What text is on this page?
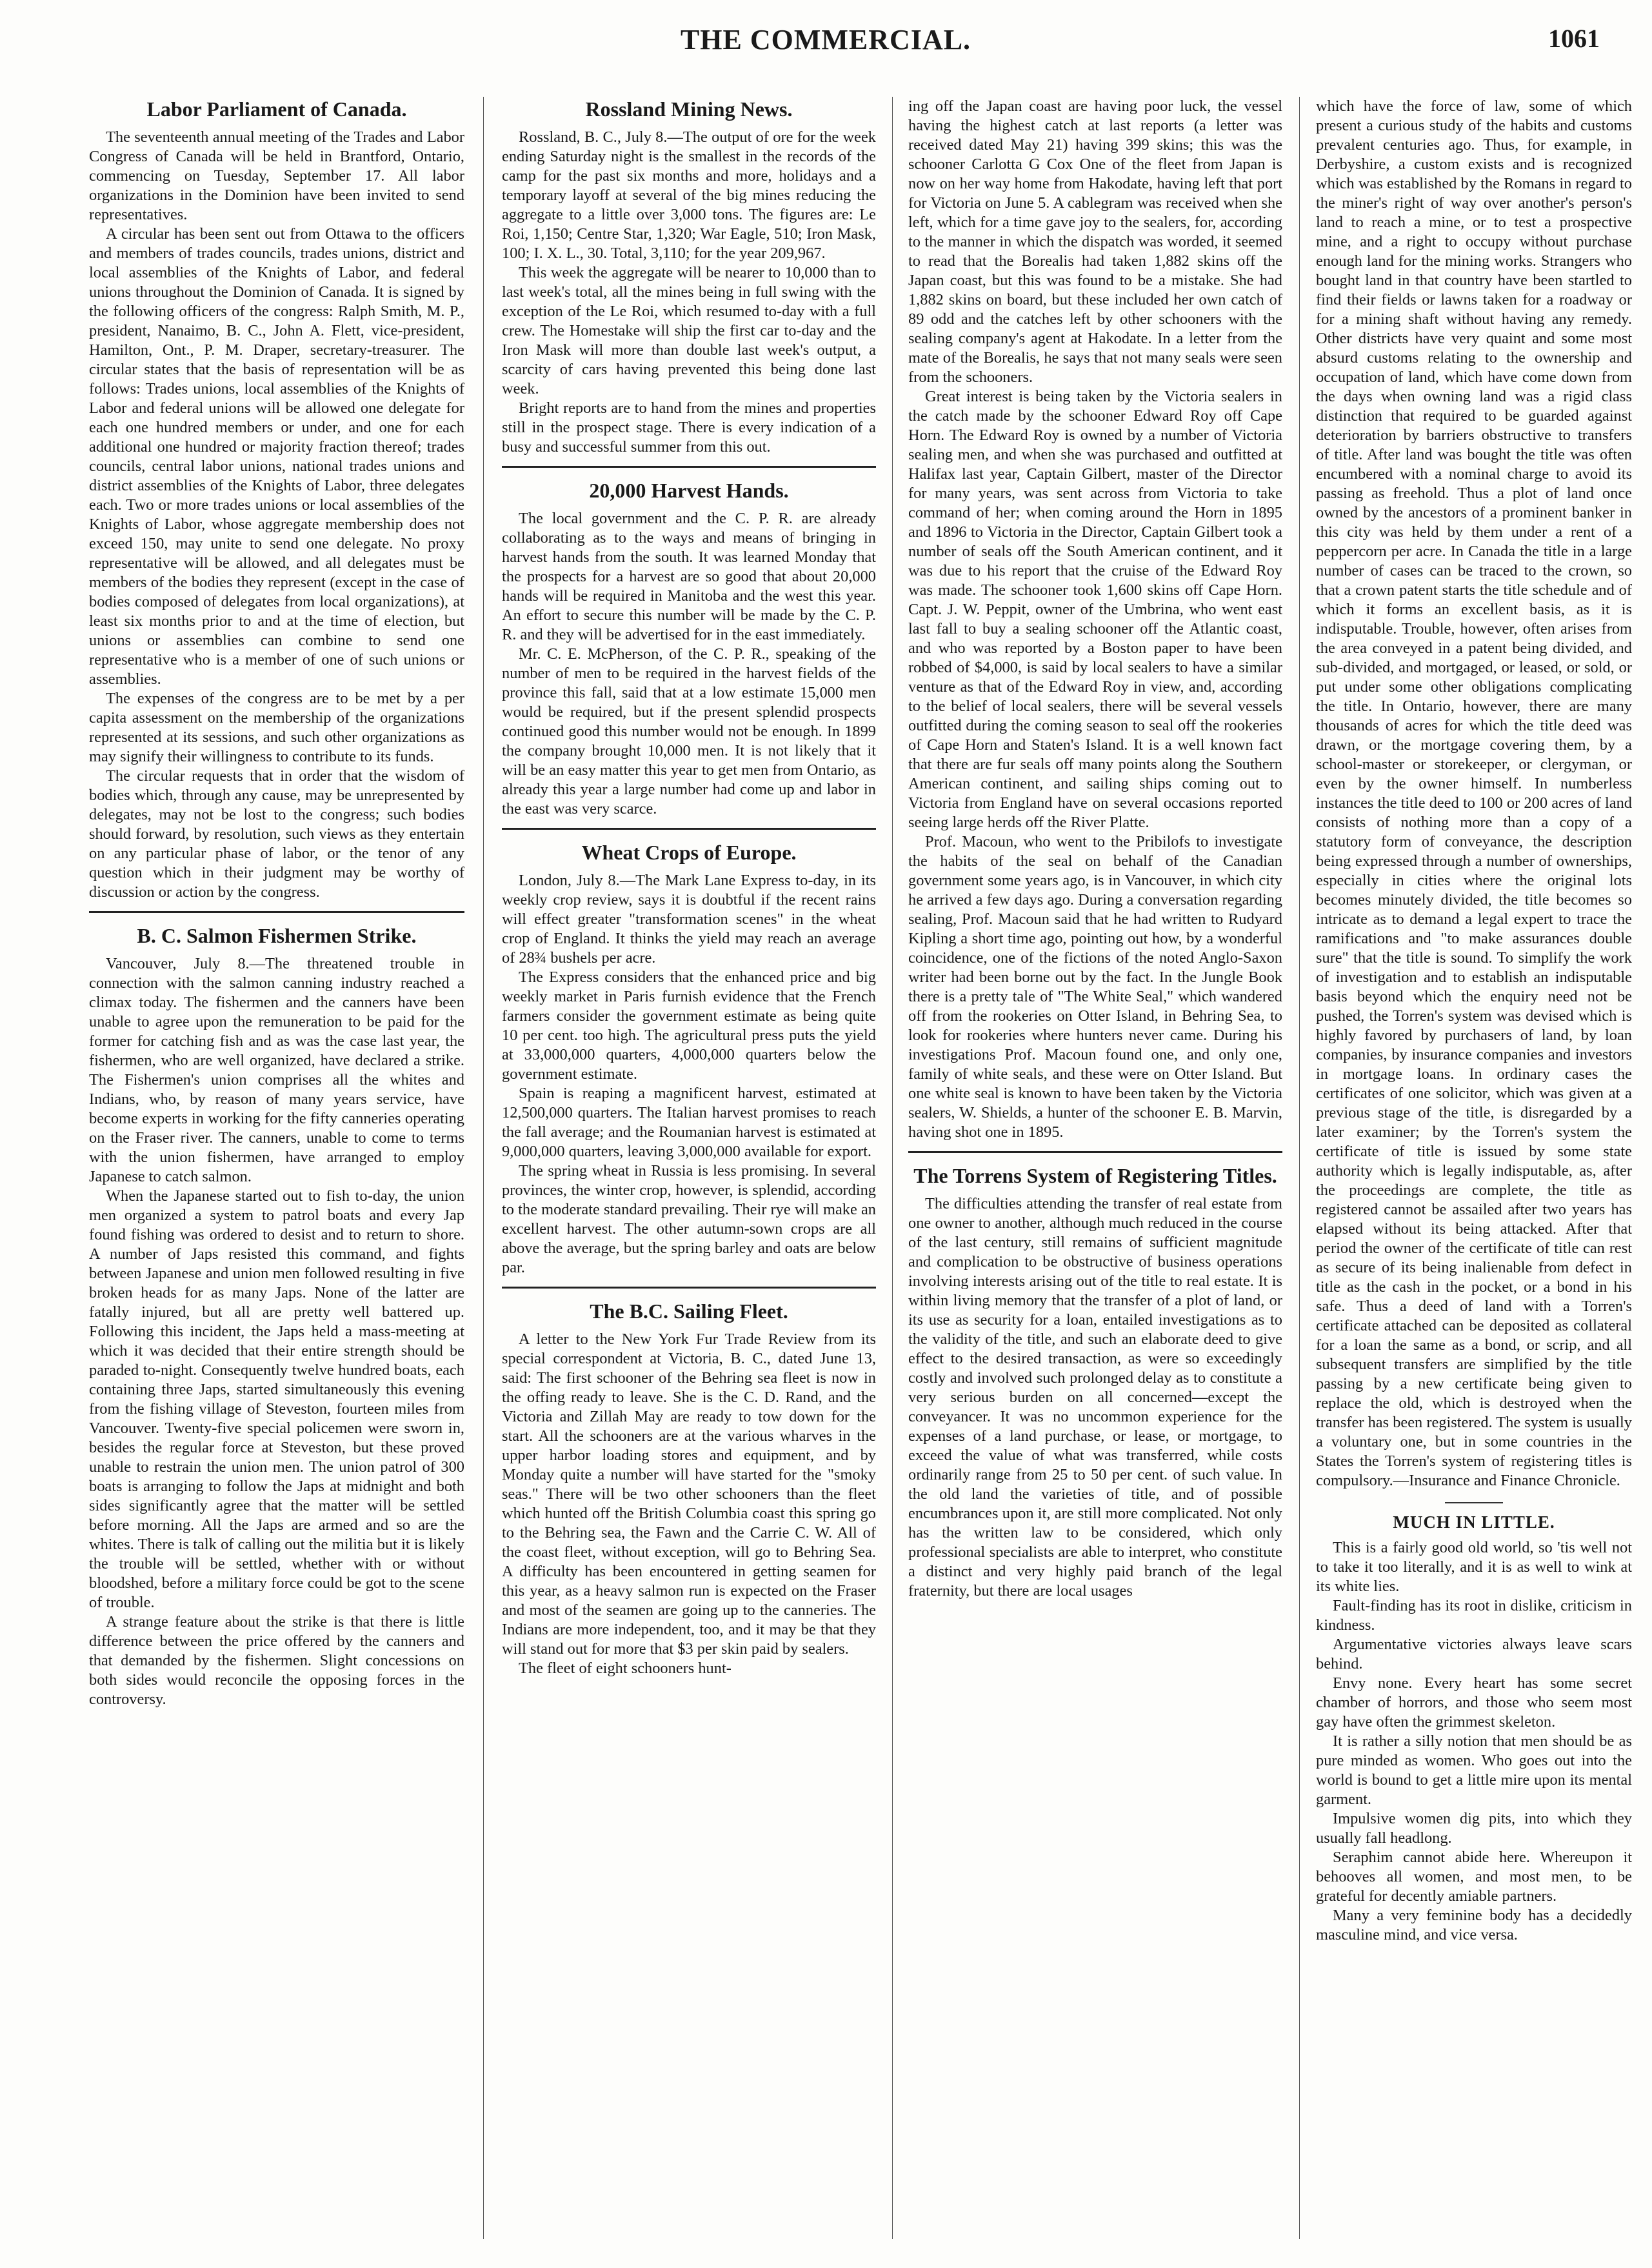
THE COMMERCIAL.	1061
Labor Parliament of Canada.

The seventeenth annual meeting of the Trades and Labor Congress of Canada will be held in Brantford, Ontario, commencing on Tuesday, September 17. All labor organizations in the Dominion have been invited to send representatives.

A circular has been sent out from Ottawa to the officers and members of trades councils, trades unions, district and local assemblies of the Knights of Labor, and federal unions throughout the Dominion of Canada. It is signed by the following officers of the congress: Ralph Smith, M. P., president, Nanaimo, B. C., John A. Flett, vice-president, Hamilton, Ont., P. M. Draper, secretary-treasurer. The circular states that the basis of representation will be as follows: Trades unions, local assemblies of the Knights of Labor and federal unions will be allowed one delegate for each one hundred members or under, and one for each additional one hundred or majority fraction thereof; trades councils, central labor unions, national trades unions and district assemblies of the Knights of Labor, three delegates each. Two or more trades unions or local assemblies of the Knights of Labor, whose aggregate membership does not exceed 150, may unite to send one delegate. No proxy representative will be allowed, and all delegates must be members of the bodies they represent (except in the case of bodies composed of delegates from local organizations), at least six months prior to and at the time of election, but unions or assemblies can combine to send one representative who is a member of one of such unions or assemblies.

The expenses of the congress are to be met by a per capita assessment on the membership of the organizations represented at its sessions, and such other organizations as may signify their willingness to contribute to its funds.

The circular requests that in order that the wisdom of bodies which, through any cause, may be unrepresented by delegates, may not be lost to the congress; such bodies should forward, by resolution, such views as they entertain on any particular phase of labor, or the tenor of any question which in their judgment may be worthy of discussion or action by the congress.

B. C. Salmon Fishermen Strike.

Vancouver, July 8.—The threatened trouble in connection with the salmon canning industry reached a climax today. The fishermen and the canners have been unable to agree upon the remuneration to be paid for the former for catching fish and as was the case last year, the fishermen, who are well organized, have declared a strike. The Fishermen's union comprises all the whites and Indians, who, by reason of many years service, have become experts in working for the fifty canneries operating on the Fraser river. The canners, unable to come to terms with the union fishermen, have arranged to employ Japanese to catch salmon.

When the Japanese started out to fish to-day, the union men organized a system to patrol boats and every Jap found fishing was ordered to desist and to return to shore. A number of Japs resisted this command, and fights between Japanese and union men followed resulting in five broken heads for as many Japs. None of the latter are fatally injured, but all are pretty well battered up. Following this incident, the Japs held a mass-meeting at which it was decided that their entire strength should be paraded to-night. Consequently twelve hundred boats, each containing three Japs, started simultaneously this evening from the fishing village of Steveston, fourteen miles from Vancouver. Twenty-five special policemen were sworn in, besides the regular force at Steveston, but these proved unable to restrain the union men. The union patrol of 300 boats is arranging to follow the Japs at midnight and both sides significantly agree that the matter will be settled before morning. All the Japs are armed and so are the whites. There is talk of calling out the militia but it is likely the trouble will be settled, whether with or without bloodshed, before a military force could be got to the scene of trouble.

A strange feature about the strike is that there is little difference between the price offered by the canners and that demanded by the fishermen. Slight concessions on both sides would reconcile the opposing forces in the controversy.

Rossland Mining News.

Rossland, B. C., July 8.—The output of ore for the week ending Saturday night is the smallest in the records of the camp for the past six months and more, holidays and a temporary layoff at several of the big mines reducing the aggregate to a little over 3,000 tons. The figures are: Le Roi, 1,150; Centre Star, 1,320; War Eagle, 510; Iron Mask, 100; I. X. L., 30. Total, 3,110; for the year 209,967.

This week the aggregate will be nearer to 10,000 than to last week's total, all the mines being in full swing with the exception of the Le Roi, which resumed to-day with a full crew. The Homestake will ship the first car to-day and the Iron Mask will more than double last week's output, a scarcity of cars having prevented this being done last week.

Bright reports are to hand from the mines and properties still in the prospect stage. There is every indication of a busy and successful summer from this out.

20,000 Harvest Hands.

The local government and the C. P. R. are already collaborating as to the ways and means of bringing in harvest hands from the south. It was learned Monday that the prospects for a harvest are so good that about 20,000 hands will be required in Manitoba and the west this year. An effort to secure this number will be made by the C. P. R. and they will be advertised for in the east immediately.

Mr. C. E. McPherson, of the C. P. R., speaking of the number of men to be required in the harvest fields of the province this fall, said that at a low estimate 15,000 men would be required, but if the present splendid prospects continued good this number would not be enough. In 1899 the company brought 10,000 men. It is not likely that it will be an easy matter this year to get men from Ontario, as already this year a large number had come up and labor in the east was very scarce.

Wheat Crops of Europe.

London, July 8.—The Mark Lane Express to-day, in its weekly crop review, says it is doubtful if the recent rains will effect greater "transformation scenes" in the wheat crop of England. It thinks the yield may reach an average of 28¾ bushels per acre.

The Express considers that the enhanced price and big weekly market in Paris furnish evidence that the French farmers consider the government estimate as being quite 10 per cent. too high. The agricultural press puts the yield at 33,000,000 quarters, 4,000,000 quarters below the government estimate.

Spain is reaping a magnificent harvest, estimated at 12,500,000 quarters. The Italian harvest promises to reach the fall average; and the Roumanian harvest is estimated at 9,000,000 quarters, leaving 3,000,000 available for export.

The spring wheat in Russia is less promising. In several provinces, the winter crop, however, is splendid, according to the moderate standard prevailing. Their rye will make an excellent harvest. The other autumn-sown crops are all above the average, but the spring barley and oats are below par.

The B.C. Sailing Fleet.

A letter to the New York Fur Trade Review from its special correspondent at Victoria, B. C., dated June 13, said: The first schooner of the Behring sea fleet is now in the offing ready to leave. She is the C. D. Rand, and the Victoria and Zillah May are ready to tow down for the start. All the schooners are at the various wharves in the upper harbor loading stores and equipment, and by Monday quite a number will have started for the "smoky seas." There will be two other schooners than the fleet which hunted off the British Columbia coast this spring go to the Behring sea, the Fawn and the Carrie C. W. All of the coast fleet, without exception, will go to Behring Sea. A difficulty has been encountered in getting seamen for this year, as a heavy salmon run is expected on the Fraser and most of the seamen are going up to the canneries. The Indians are more independent, too, and it may be that they will stand out for more that $3 per skin paid by sealers.

The fleet of eight schooners hunt-

ing off the Japan coast are having poor luck, the vessel having the highest catch at last reports (a letter was received dated May 21) having 399 skins; this was the schooner Carlotta G Cox One of the fleet from Japan is now on her way home from Hakodate, having left that port for Victoria on June 5. A cablegram was received when she left, which for a time gave joy to the sealers, for, according to the manner in which the dispatch was worded, it seemed to read that the Borealis had taken 1,882 skins off the Japan coast, but this was found to be a mistake. She had 1,882 skins on board, but these included her own catch of 89 odd and the catches left by other schooners with the sealing company's agent at Hakodate. In a letter from the mate of the Borealis, he says that not many seals were seen from the schooners.

Great interest is being taken by the Victoria sealers in the catch made by the schooner Edward Roy off Cape Horn. The Edward Roy is owned by a number of Victoria sealing men, and when she was purchased and outfitted at Halifax last year, Captain Gilbert, master of the Director for many years, was sent across from Victoria to take command of her; when coming around the Horn in 1895 and 1896 to Victoria in the Director, Captain Gilbert took a number of seals off the South American continent, and it was due to his report that the cruise of the Edward Roy was made. The schooner took 1,600 skins off Cape Horn. Capt. J. W. Peppit, owner of the Umbrina, who went east last fall to buy a sealing schooner off the Atlantic coast, and who was reported by a Boston paper to have been robbed of $4,000, is said by local sealers to have a similar venture as that of the Edward Roy in view, and, according to the belief of local sealers, there will be several vessels outfitted during the coming season to seal off the rookeries of Cape Horn and Staten's Island. It is a well known fact that there are fur seals off many points along the Southern American continent, and sailing ships coming out to Victoria from England have on several occasions reported seeing large herds off the River Platte.

Prof. Macoun, who went to the Pribilofs to investigate the habits of the seal on behalf of the Canadian government some years ago, is in Vancouver, in which city he arrived a few days ago. During a conversation regarding sealing, Prof. Macoun said that he had written to Rudyard Kipling a short time ago, pointing out how, by a wonderful coincidence, one of the fictions of the noted Anglo-Saxon writer had been borne out by the fact. In the Jungle Book there is a pretty tale of "The White Seal," which wandered off from the rookeries on Otter Island, in Behring Sea, to look for rookeries where hunters never came. During his investigations Prof. Macoun found one, and only one, family of white seals, and these were on Otter Island. But one white seal is known to have been taken by the Victoria sealers, W. Shields, a hunter of the schooner E. B. Marvin, having shot one in 1895.

The Torrens System of Registering Titles.

The difficulties attending the transfer of real estate from one owner to another, although much reduced in the course of the last century, still remains of sufficient magnitude and complication to be obstructive of business operations involving interests arising out of the title to real estate. It is within living memory that the transfer of a plot of land, or its use as security for a loan, entailed investigations as to the validity of the title, and such an elaborate deed to give effect to the desired transaction, as were so exceedingly costly and involved such prolonged delay as to constitute a very serious burden on all concerned—except the conveyancer. It was no uncommon experience for the expenses of a land purchase, or lease, or mortgage, to exceed the value of what was transferred, while costs ordinarily range from 25 to 50 per cent. of such value. In the old land the varieties of title, and of possible encumbrances upon it, are still more complicated. Not only has the written law to be considered, which only professional specialists are able to interpret, who constitute a distinct and very highly paid branch of the legal fraternity, but there are local usages

which have the force of law, some of which present a curious study of the habits and customs prevalent centuries ago. Thus, for example, in Derbyshire, a custom exists and is recognized which was established by the Romans in regard to the miner's right of way over another's person's land to reach a mine, or to test a prospective mine, and a right to occupy without purchase enough land for the mining works. Strangers who bought land in that country have been startled to find their fields or lawns taken for a roadway or for a mining shaft without having any remedy. Other districts have very quaint and some most absurd customs relating to the ownership and occupation of land, which have come down from the days when owning land was a rigid class distinction that required to be guarded against deterioration by barriers obstructive to transfers of title. After land was bought the title was often encumbered with a nominal charge to avoid its passing as freehold. Thus a plot of land once owned by the ancestors of a prominent banker in this city was held by them under a rent of a peppercorn per acre. In Canada the title in a large number of cases can be traced to the crown, so that a crown patent starts the title schedule and of which it forms an excellent basis, as it is indisputable. Trouble, however, often arises from the area conveyed in a patent being divided, and sub-divided, and mortgaged, or leased, or sold, or put under some other obligations complicating the title. In Ontario, however, there are many thousands of acres for which the title deed was drawn, or the mortgage covering them, by a school-master or storekeeper, or clergyman, or even by the owner himself. In numberless instances the title deed to 100 or 200 acres of land consists of nothing more than a copy of a statutory form of conveyance, the description being expressed through a number of ownerships, especially in cities where the original lots becomes minutely divided, the title becomes so intricate as to demand a legal expert to trace the ramifications and "to make assurances double sure" that the title is sound. To simplify the work of investigation and to establish an indisputable basis beyond which the enquiry need not be pushed, the Torren's system was devised which is highly favored by purchasers of land, by loan companies, by insurance companies and investors in mortgage loans. In ordinary cases the certificates of one solicitor, which was given at a previous stage of the title, is disregarded by a later examiner; by the Torren's system the certificate of title is issued by some state authority which is legally indisputable, as, after the proceedings are complete, the title as registered cannot be assailed after two years has elapsed without its being attacked. After that period the owner of the certificate of title can rest as secure of its being inalienable from defect in title as the cash in the pocket, or a bond in his safe. Thus a deed of land with a Torren's certificate attached can be deposited as collateral for a loan the same as a bond, or scrip, and all subsequent transfers are simplified by the title passing by a new certificate being given to replace the old, which is destroyed when the transfer has been registered. The system is usually a voluntary one, but in some countries in the States the Torren's system of registering titles is compulsory.—Insurance and Finance Chronicle.

MUCH IN LITTLE.

This is a fairly good old world, so 'tis well not to take it too literally, and it is as well to wink at its white lies.

Fault-finding has its root in dislike, criticism in kindness.

Argumentative victories always leave scars behind.

Envy none. Every heart has some secret chamber of horrors, and those who seem most gay have often the grimmest skeleton.

It is rather a silly notion that men should be as pure minded as women. Who goes out into the world is bound to get a little mire upon its mental garment.

Impulsive women dig pits, into which they usually fall headlong.

Seraphim cannot abide here. Whereupon it behooves all women, and most men, to be grateful for decently amiable partners.

Many a very feminine body has a decidedly masculine mind, and vice versa.
